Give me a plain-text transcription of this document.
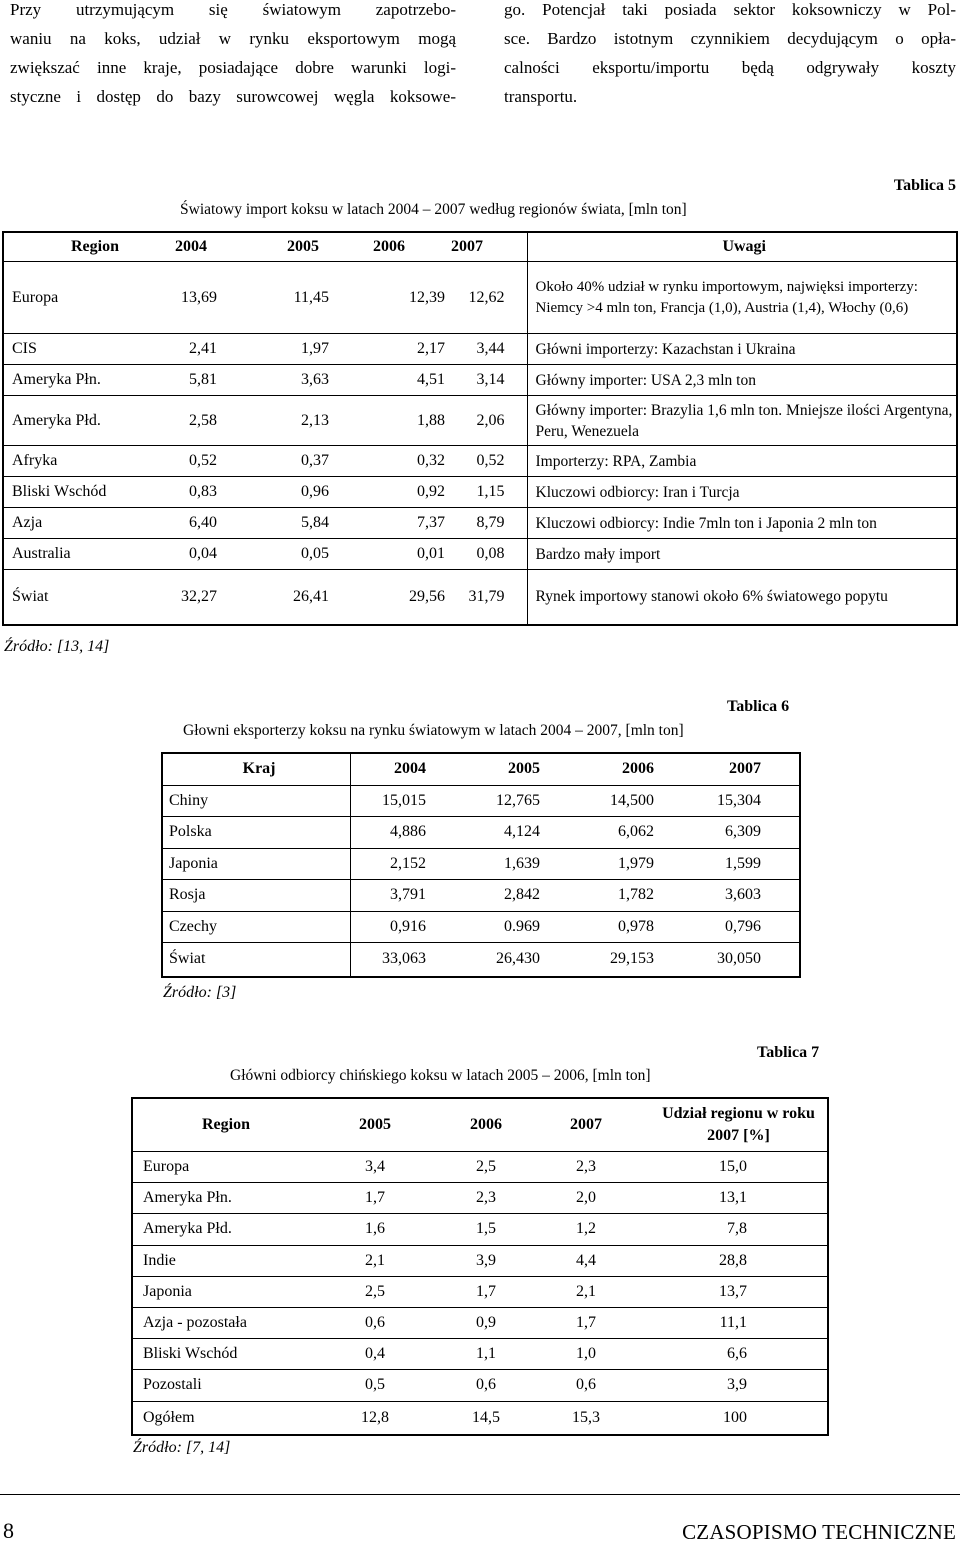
Przy utrzymującym się światowym zapotrzebo-
waniu na koks, udział w rynku eksportowym mogą
zwiększać inne kraje, posiadające dobre warunki logi-
styczne i dostęp do bazy surowcowej węgla koksowe-
go. Potencjał taki posiada sektor koksowniczy w Pol-
sce. Bardzo istotnym czynnikiem decydującym o opła-
calności eksportu/importu będą odgrywały koszty
transportu.
Tablica 5
Światowy import koksu w latach 2004 – 2007 według regionów świata, [mln ton]
Region	2004	2005	2006	2007	Uwagi
Europa	13,69	11,45	12,39	12,62	Około 40% udział w rynku importowym, najwięksi importerzy: Niemcy >4 mln ton, Francja (1,0), Austria (1,4), Włochy (0,6)
CIS	2,41	1,97	2,17	3,44	Główni importerzy: Kazachstan i Ukraina
Ameryka Płn.	5,81	3,63	4,51	3,14	Główny importer: USA 2,3 mln ton
Ameryka Płd.	2,58	2,13	1,88	2,06	Główny importer: Brazylia 1,6 mln ton. Mniejsze ilości Argentyna, Peru, Wenezuela
Afryka	0,52	0,37	0,32	0,52	Importerzy: RPA, Zambia
Bliski Wschód	0,83	0,96	0,92	1,15	Kluczowi odbiorcy: Iran i Turcja
Azja	6,40	5,84	7,37	8,79	Kluczowi odbiorcy: Indie 7mln ton i Japonia 2 mln ton
Australia	0,04	0,05	0,01	0,08	Bardzo mały import
Świat	32,27	26,41	29,56	31,79	Rynek importowy stanowi około 6% światowego popytu
Źródło: [13, 14]
Tablica 6
Głowni eksporterzy koksu na rynku światowym w latach 2004 – 2007, [mln ton]
Kraj	2004	2005	2006	2007
Chiny	15,015	12,765	14,500	15,304
Polska	4,886	4,124	6,062	6,309
Japonia	2,152	1,639	1,979	1,599
Rosja	3,791	2,842	1,782	3,603
Czechy	0,916	0.969	0,978	0,796
Świat	33,063	26,430	29,153	30,050
Źródło: [3]
Tablica 7
Główni odbiorcy chińskiego koksu w latach 2005 – 2006, [mln ton]
Region	2005	2006	2007	Udział regionu w roku 2007 [%]
Europa	3,4	2,5	2,3	15,0
Ameryka Płn.	1,7	2,3	2,0	13,1
Ameryka Płd.	1,6	1,5	1,2	7,8
Indie	2,1	3,9	4,4	28,8
Japonia	2,5	1,7	2,1	13,7
Azja - pozostała	0,6	0,9	1,7	11,1
Bliski Wschód	0,4	1,1	1,0	6,6
Pozostali	0,5	0,6	0,6	3,9
Ogółem	12,8	14,5	15,3	100
Źródło: [7, 14]
8	CZASOPISMO TECHNICZNE
